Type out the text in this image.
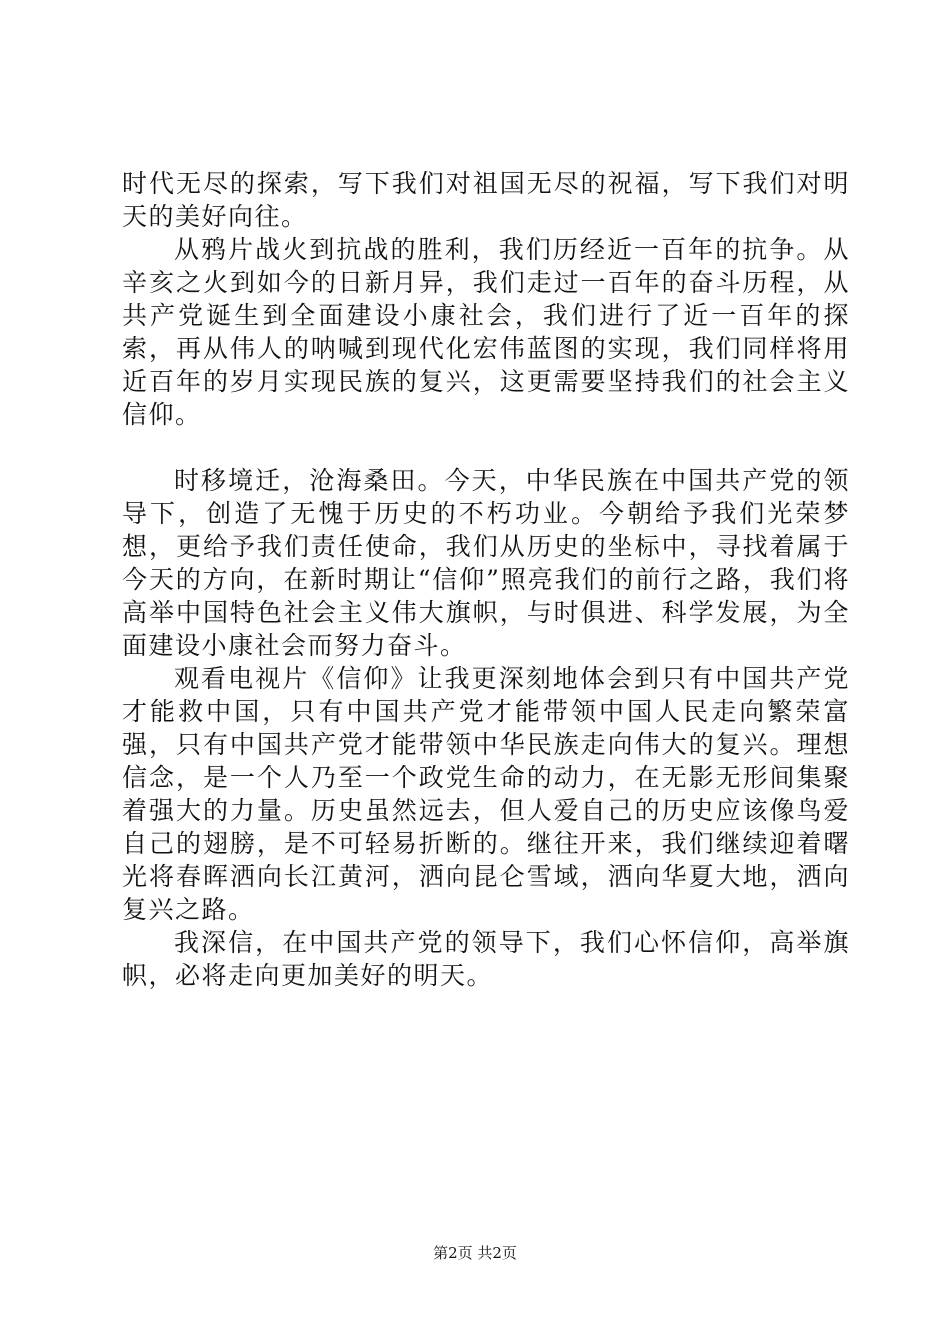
时代无尽的探索，写下我们对祖国无尽的祝福，写下我们对明天的美好向往。

从鸦片战火到抗战的胜利，我们历经近一百年的抗争。从辛亥之火到如今的日新月异，我们走过一百年的奋斗历程，从共产党诞生到全面建设小康社会，我们进行了近一百年的探索，再从伟人的呐喊到现代化宏伟蓝图的实现，我们同样将用近百年的岁月实现民族的复兴，这更需要坚持我们的社会主义信仰。

时移境迁，沧海桑田。今天，中华民族在中国共产党的领导下，创造了无愧于历史的不朽功业。今朝给予我们光荣梦想，更给予我们责任使命，我们从历史的坐标中，寻找着属于今天的方向，在新时期让“信仰”照亮我们的前行之路，我们将高举中国特色社会主义伟大旗帜，与时俱进、科学发展，为全面建设小康社会而努力奋斗。

观看电视片《信仰》让我更深刻地体会到只有中国共产党才能救中国，只有中国共产党才能带领中国人民走向繁荣富强，只有中国共产党才能带领中华民族走向伟大的复兴。理想信念，是一个人乃至一个政党生命的动力，在无影无形间集聚着强大的力量。历史虽然远去，但人爱自己的历史应该像鸟爱自己的翅膀，是不可轻易折断的。继往开来，我们继续迎着曙光将春晖洒向长江黄河，洒向昆仑雪域，洒向华夏大地，洒向复兴之路。

我深信，在中国共产党的领导下，我们心怀信仰，高举旗帜，必将走向更加美好的明天。

第2页 共2页
